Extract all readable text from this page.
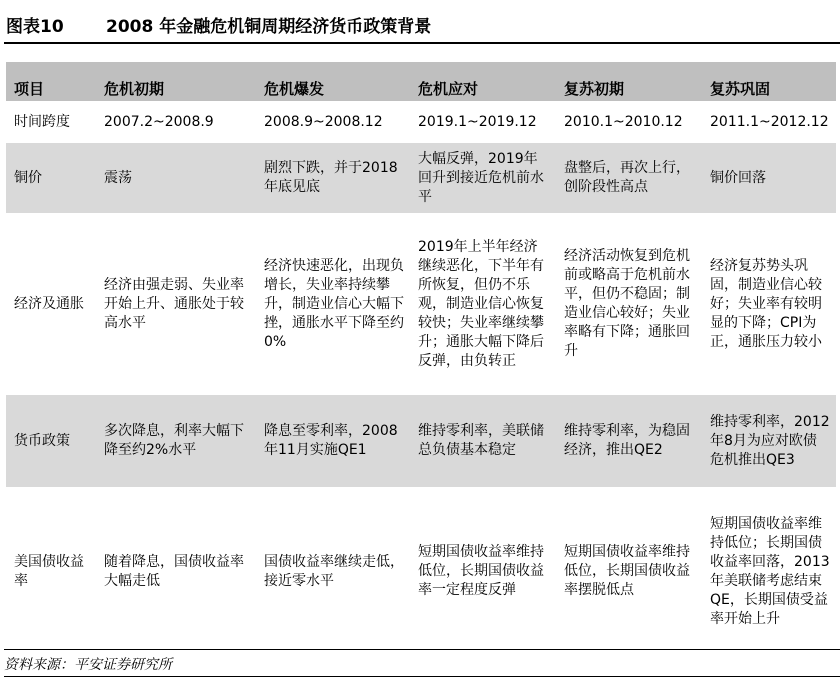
图表10 2008 年金融危机铜周期经济货币政策背景
项目	危机初期	危机爆发	危机应对	复苏初期	复苏巩固
时间跨度	2007.2~2008.9	2008.9~2008.12	2019.1~2019.12	2010.1~2010.12	2011.1~2012.12
铜价	震荡	剧烈下跌，并于2018年底见底	大幅反弹，2019年回升到接近危机前水平	盘整后，再次上行，创阶段性高点	铜价回落
经济及通胀	经济由强走弱、失业率开始上升、通胀处于较高水平	经济快速恶化，出现负增长，失业率持续攀升，制造业信心大幅下挫，通胀水平下降至约0%	2019年上半年经济继续恶化，下半年有所恢复，但仍不乐观，制造业信心恢复较快；失业率继续攀升；通胀大幅下降后反弹，由负转正	经济活动恢复到危机前或略高于危机前水平，但仍不稳固；制造业信心较好；失业率略有下降；通胀回升	经济复苏势头巩固，制造业信心较好；失业率有较明显的下降；CPI为正，通胀压力较小
货币政策	多次降息，利率大幅下降至约2%水平	降息至零利率，2008年11月实施QE1	维持零利率，美联储总负债基本稳定	维持零利率，为稳固经济，推出QE2	维持零利率，2012年8月为应对欧债危机推出QE3
美国债收益率	随着降息，国债收益率大幅走低	国债收益率继续走低，接近零水平	短期国债收益率维持低位，长期国债收益率一定程度反弹	短期国债收益率维持低位，长期国债收益率摆脱低点	短期国债收益率维持低位；长期国债收益率回落，2013年美联储考虑结束QE，长期国债受益率开始上升
资料来源：平安证券研究所
